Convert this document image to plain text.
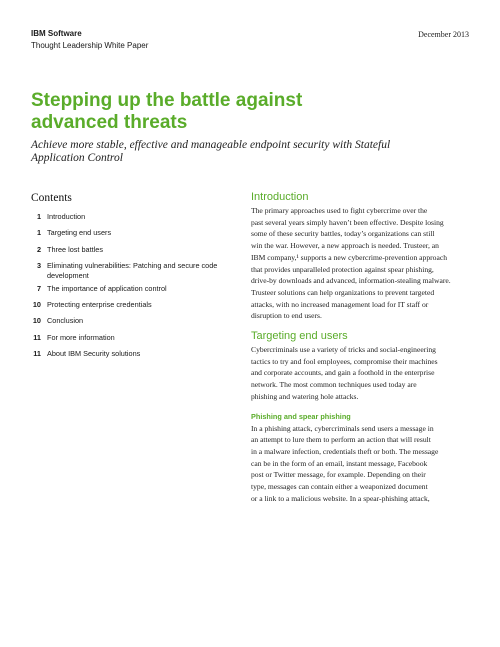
IBM Software
Thought Leadership White Paper
December 2013
Stepping up the battle against advanced threats

Achieve more stable, effective and manageable endpoint security with Stateful Application Control

Contents
1 Introduction
1 Targeting end users
2 Three lost battles
3 Eliminating vulnerabilities: Patching and secure code development
7 The importance of application control
10 Protecting enterprise credentials
10 Conclusion
11 For more information
11 About IBM Security solutions
Introduction

The primary approaches used to fight cybercrime over the
past several years simply haven’t been effective. Despite losing
some of these security battles, today’s organizations can still
win the war. However, a new approach is needed. Trusteer, an
IBM company,¹ supports a new cybercrime-prevention approach
that provides unparalleled protection against spear phishing,
drive-by downloads and advanced, information-stealing malware.
Trusteer solutions can help organizations to prevent targeted
attacks, with no increased management load for IT staff or
disruption to end users.

Targeting end users

Cybercriminals use a variety of tricks and social-engineering
tactics to try and fool employees, compromise their machines
and corporate accounts, and gain a foothold in the enterprise
network. The most common techniques used today are
phishing and watering hole attacks.

Phishing and spear phishing

In a phishing attack, cybercriminals send users a message in
an attempt to lure them to perform an action that will result
in a malware infection, credentials theft or both. The message
can be in the form of an email, instant message, Facebook
post or Twitter message, for example. Depending on their
type, messages can contain either a weaponized document
or a link to a malicious website. In a spear-phishing attack,
